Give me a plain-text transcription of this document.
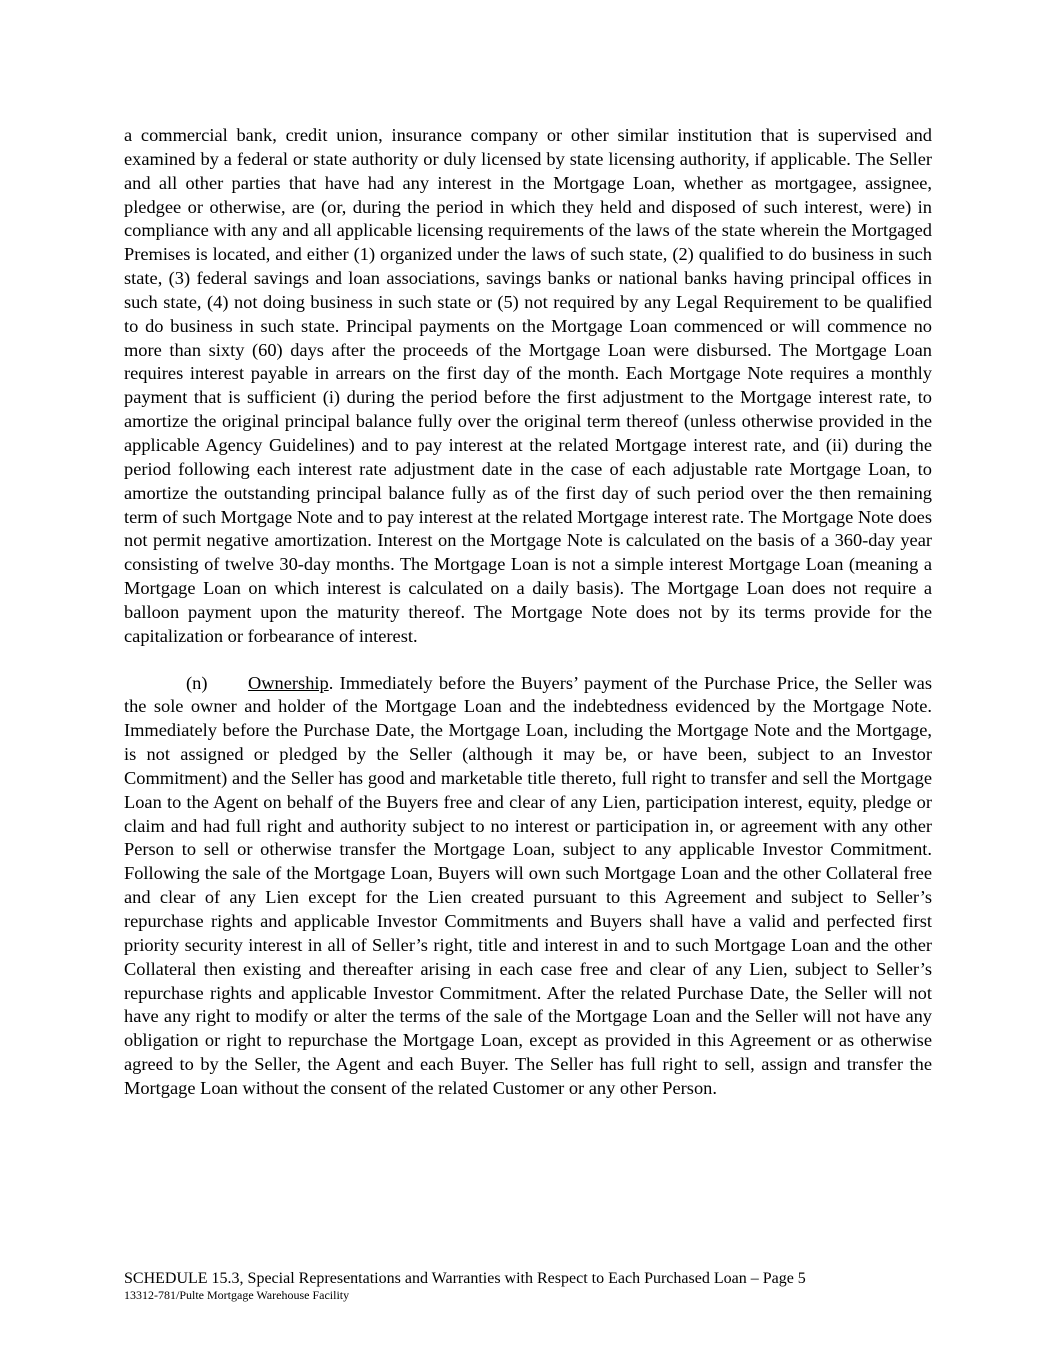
a commercial bank, credit union, insurance company or other similar institution that is supervised and examined by a federal or state authority or duly licensed by state licensing authority, if applicable. The Seller and all other parties that have had any interest in the Mortgage Loan, whether as mortgagee, assignee, pledgee or otherwise, are (or, during the period in which they held and disposed of such interest, were) in compliance with any and all applicable licensing requirements of the laws of the state wherein the Mortgaged Premises is located, and either (1) organized under the laws of such state, (2) qualified to do business in such state, (3) federal savings and loan associations, savings banks or national banks having principal offices in such state, (4) not doing business in such state or (5) not required by any Legal Requirement to be qualified to do business in such state. Principal payments on the Mortgage Loan commenced or will commence no more than sixty (60) days after the proceeds of the Mortgage Loan were disbursed. The Mortgage Loan requires interest payable in arrears on the first day of the month. Each Mortgage Note requires a monthly payment that is sufficient (i) during the period before the first adjustment to the Mortgage interest rate, to amortize the original principal balance fully over the original term thereof (unless otherwise provided in the applicable Agency Guidelines) and to pay interest at the related Mortgage interest rate, and (ii) during the period following each interest rate adjustment date in the case of each adjustable rate Mortgage Loan, to amortize the outstanding principal balance fully as of the first day of such period over the then remaining term of such Mortgage Note and to pay interest at the related Mortgage interest rate. The Mortgage Note does not permit negative amortization. Interest on the Mortgage Note is calculated on the basis of a 360-day year consisting of twelve 30-day months. The Mortgage Loan is not a simple interest Mortgage Loan (meaning a Mortgage Loan on which interest is calculated on a daily basis). The Mortgage Loan does not require a balloon payment upon the maturity thereof. The Mortgage Note does not by its terms provide for the capitalization or forbearance of interest.

(n) Ownership. Immediately before the Buyers’ payment of the Purchase Price, the Seller was the sole owner and holder of the Mortgage Loan and the indebtedness evidenced by the Mortgage Note. Immediately before the Purchase Date, the Mortgage Loan, including the Mortgage Note and the Mortgage, is not assigned or pledged by the Seller (although it may be, or have been, subject to an Investor Commitment) and the Seller has good and marketable title thereto, full right to transfer and sell the Mortgage Loan to the Agent on behalf of the Buyers free and clear of any Lien, participation interest, equity, pledge or claim and had full right and authority subject to no interest or participation in, or agreement with any other Person to sell or otherwise transfer the Mortgage Loan, subject to any applicable Investor Commitment. Following the sale of the Mortgage Loan, Buyers will own such Mortgage Loan and the other Collateral free and clear of any Lien except for the Lien created pursuant to this Agreement and subject to Seller’s repurchase rights and applicable Investor Commitments and Buyers shall have a valid and perfected first priority security interest in all of Seller’s right, title and interest in and to such Mortgage Loan and the other Collateral then existing and thereafter arising in each case free and clear of any Lien, subject to Seller’s repurchase rights and applicable Investor Commitment. After the related Purchase Date, the Seller will not have any right to modify or alter the terms of the sale of the Mortgage Loan and the Seller will not have any obligation or right to repurchase the Mortgage Loan, except as provided in this Agreement or as otherwise agreed to by the Seller, the Agent and each Buyer. The Seller has full right to sell, assign and transfer the Mortgage Loan without the consent of the related Customer or any other Person.

SCHEDULE 15.3, Special Representations and Warranties with Respect to Each Purchased Loan – Page 5
13312-781/Pulte Mortgage Warehouse Facility
